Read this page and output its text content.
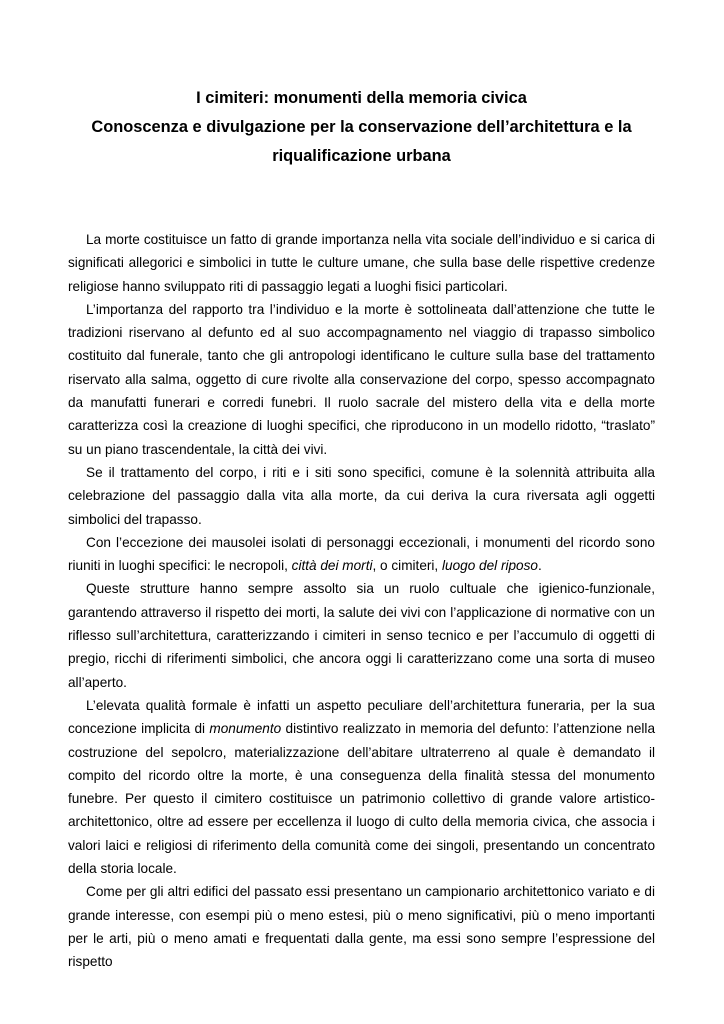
I cimiteri: monumenti della memoria civica
Conoscenza e divulgazione per la conservazione dell’architettura e la riqualificazione urbana

La morte costituisce un fatto di grande importanza nella vita sociale dell’individuo e si carica di significati allegorici e simbolici in tutte le culture umane, che sulla base delle rispettive credenze religiose hanno sviluppato riti di passaggio legati a luoghi fisici particolari.

L’importanza del rapporto tra l’individuo e la morte è sottolineata dall’attenzione che tutte le tradizioni riservano al defunto ed al suo accompagnamento nel viaggio di trapasso simbolico costituito dal funerale, tanto che gli antropologi identificano le culture sulla base del trattamento riservato alla salma, oggetto di cure rivolte alla conservazione del corpo, spesso accompagnato da manufatti funerari e corredi funebri. Il ruolo sacrale del mistero della vita e della morte caratterizza così la creazione di luoghi specifici, che riproducono in un modello ridotto, “traslato” su un piano trascendentale, la città dei vivi.

Se il trattamento del corpo, i riti e i siti sono specifici, comune è la solennità attribuita alla celebrazione del passaggio dalla vita alla morte, da cui deriva la cura riversata agli oggetti simbolici del trapasso.

Con l’eccezione dei mausolei isolati di personaggi eccezionali, i monumenti del ricordo sono riuniti in luoghi specifici: le necropoli, città dei morti, o cimiteri, luogo del riposo.

Queste strutture hanno sempre assolto sia un ruolo cultuale che igienico-funzionale, garantendo attraverso il rispetto dei morti, la salute dei vivi con l’applicazione di normative con un riflesso sull’architettura, caratterizzando i cimiteri in senso tecnico e per l’accumulo di oggetti di pregio, ricchi di riferimenti simbolici, che ancora oggi li caratterizzano come una sorta di museo all’aperto.

L’elevata qualità formale è infatti un aspetto peculiare dell’architettura funeraria, per la sua concezione implicita di monumento distintivo realizzato in memoria del defunto: l’attenzione nella costruzione del sepolcro, materializzazione dell’abitare ultraterreno al quale è demandato il compito del ricordo oltre la morte, è una conseguenza della finalità stessa del monumento funebre. Per questo il cimitero costituisce un patrimonio collettivo di grande valore artistico-architettonico, oltre ad essere per eccellenza il luogo di culto della memoria civica, che associa i valori laici e religiosi di riferimento della comunità come dei singoli, presentando un concentrato della storia locale.

Come per gli altri edifici del passato essi presentano un campionario architettonico variato e di grande interesse, con esempi più o meno estesi, più o meno significativi, più o meno importanti per le arti, più o meno amati e frequentati dalla gente, ma essi sono sempre l’espressione del rispetto
